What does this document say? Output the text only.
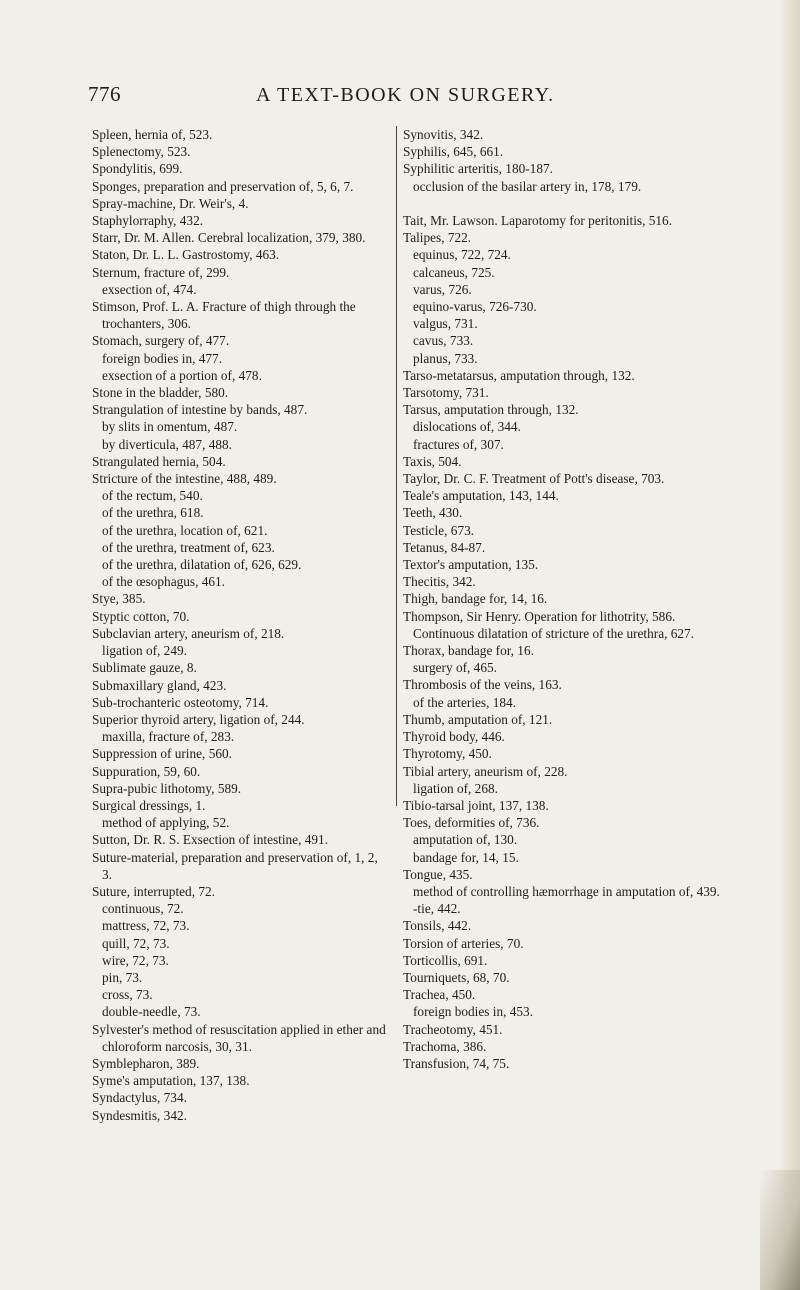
776	A TEXT-BOOK ON SURGERY.

Spleen, hernia of, 523.

Splenectomy, 523.

Spondylitis, 699.

Sponges, preparation and preservation of, 5, 6, 7.

Spray-machine, Dr. Weir's, 4.

Staphylorraphy, 432.

Starr, Dr. M. Allen. Cerebral localization, 379, 380.

Staton, Dr. L. L. Gastrostomy, 463.

Sternum, fracture of, 299.

exsection of, 474.

Stimson, Prof. L. A. Fracture of thigh through the trochanters, 306.

Stomach, surgery of, 477.

foreign bodies in, 477.

exsection of a portion of, 478.

Stone in the bladder, 580.

Strangulation of intestine by bands, 487.

by slits in omentum, 487.

by diverticula, 487, 488.

Strangulated hernia, 504.

Stricture of the intestine, 488, 489.

of the rectum, 540.

of the urethra, 618.

of the urethra, location of, 621.

of the urethra, treatment of, 623.

of the urethra, dilatation of, 626, 629.

of the œsophagus, 461.

Stye, 385.

Styptic cotton, 70.

Subclavian artery, aneurism of, 218.

ligation of, 249.

Sublimate gauze, 8.

Submaxillary gland, 423.

Sub-trochanteric osteotomy, 714.

Superior thyroid artery, ligation of, 244.

maxilla, fracture of, 283.

Suppression of urine, 560.

Suppuration, 59, 60.

Supra-pubic lithotomy, 589.

Surgical dressings, 1.

method of applying, 52.

Sutton, Dr. R. S. Exsection of intestine, 491.

Suture-material, preparation and preservation of, 1, 2, 3.

Suture, interrupted, 72.

continuous, 72.

mattress, 72, 73.

quill, 72, 73.

wire, 72, 73.

pin, 73.

cross, 73.

double-needle, 73.

Sylvester's method of resuscitation applied in ether and chloroform narcosis, 30, 31.

Symblepharon, 389.

Syme's amputation, 137, 138.

Syndactylus, 734.

Syndesmitis, 342.

Synovitis, 342.

Syphilis, 645, 661.

Syphilitic arteritis, 180-187.

occlusion of the basilar artery in, 178, 179.

Tait, Mr. Lawson. Laparotomy for peritonitis, 516.

Talipes, 722.

equinus, 722, 724.

calcaneus, 725.

varus, 726.

equino-varus, 726-730.

valgus, 731.

cavus, 733.

planus, 733.

Tarso-metatarsus, amputation through, 132.

Tarsotomy, 731.

Tarsus, amputation through, 132.

dislocations of, 344.

fractures of, 307.

Taxis, 504.

Taylor, Dr. C. F. Treatment of Pott's disease, 703.

Teale's amputation, 143, 144.

Teeth, 430.

Testicle, 673.

Tetanus, 84-87.

Textor's amputation, 135.

Thecitis, 342.

Thigh, bandage for, 14, 16.

Thompson, Sir Henry. Operation for lithotrity, 586.

Continuous dilatation of stricture of the urethra, 627.

Thorax, bandage for, 16.

surgery of, 465.

Thrombosis of the veins, 163.

of the arteries, 184.

Thumb, amputation of, 121.

Thyroid body, 446.

Thyrotomy, 450.

Tibial artery, aneurism of, 228.

ligation of, 268.

Tibio-tarsal joint, 137, 138.

Toes, deformities of, 736.

amputation of, 130.

bandage for, 14, 15.

Tongue, 435.

method of controlling hæmorrhage in amputation of, 439.

-tie, 442.

Tonsils, 442.

Torsion of arteries, 70.

Torticollis, 691.

Tourniquets, 68, 70.

Trachea, 450.

foreign bodies in, 453.

Tracheotomy, 451.

Trachoma, 386.

Transfusion, 74, 75.
